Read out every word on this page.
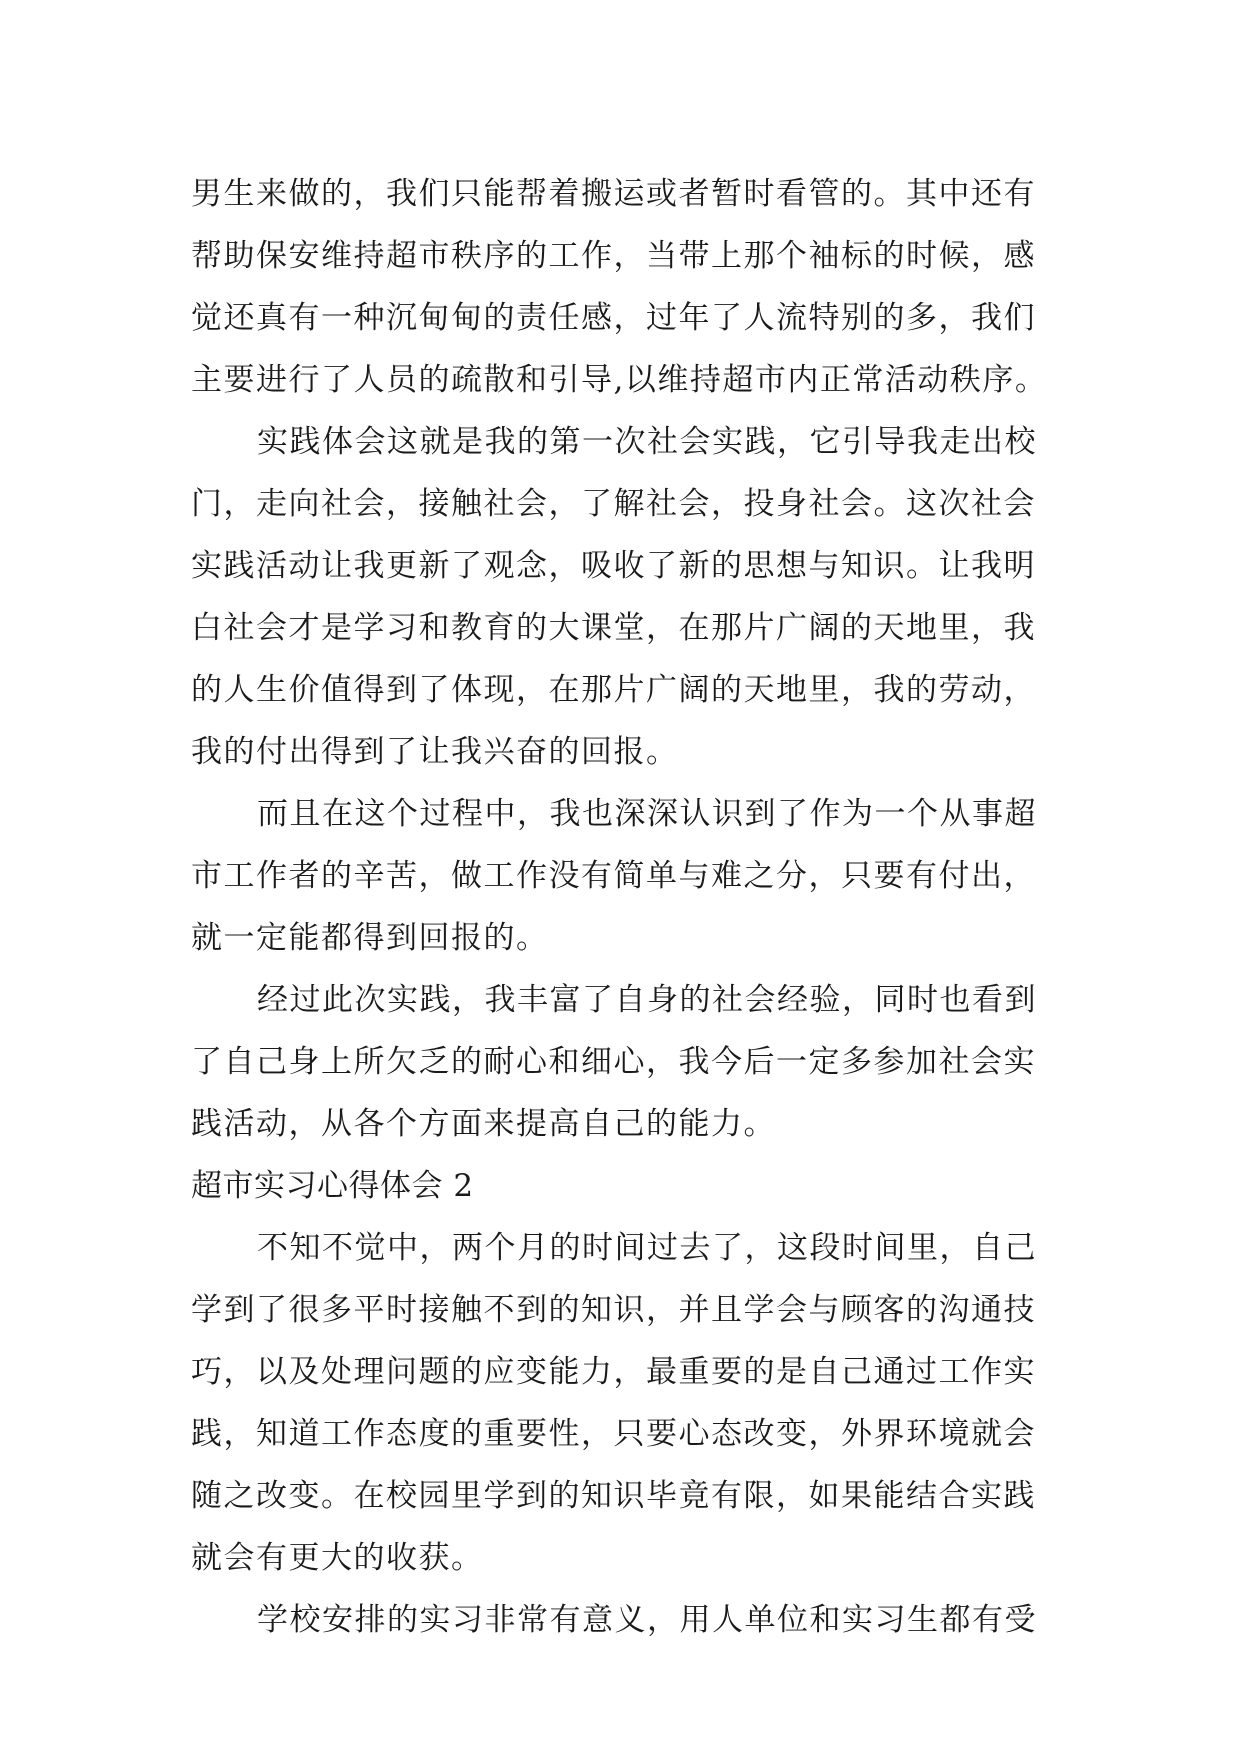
男生来做的，我们只能帮着搬运或者暂时看管的。其中还有
帮助保安维持超市秩序的工作，当带上那个袖标的时候，感
觉还真有一种沉甸甸的责任感，过年了人流特别的多，我们
主要进行了人员的疏散和引导,以维持超市内正常活动秩序。
实践体会这就是我的第一次社会实践，它引导我走出校
门，走向社会，接触社会，了解社会，投身社会。这次社会
实践活动让我更新了观念，吸收了新的思想与知识。让我明
白社会才是学习和教育的大课堂，在那片广阔的天地里，我
的人生价值得到了体现，在那片广阔的天地里，我的劳动，
我的付出得到了让我兴奋的回报。
而且在这个过程中，我也深深认识到了作为一个从事超
市工作者的辛苦，做工作没有简单与难之分，只要有付出，
就一定能都得到回报的。
经过此次实践，我丰富了自身的社会经验，同时也看到
了自己身上所欠乏的耐心和细心，我今后一定多参加社会实
践活动，从各个方面来提高自己的能力。
超市实习心得体会 2
不知不觉中，两个月的时间过去了，这段时间里，自己
学到了很多平时接触不到的知识，并且学会与顾客的沟通技
巧，以及处理问题的应变能力，最重要的是自己通过工作实
践，知道工作态度的重要性，只要心态改变，外界环境就会
随之改变。在校园里学到的知识毕竟有限，如果能结合实践
就会有更大的收获。
学校安排的实习非常有意义，用人单位和实习生都有受
